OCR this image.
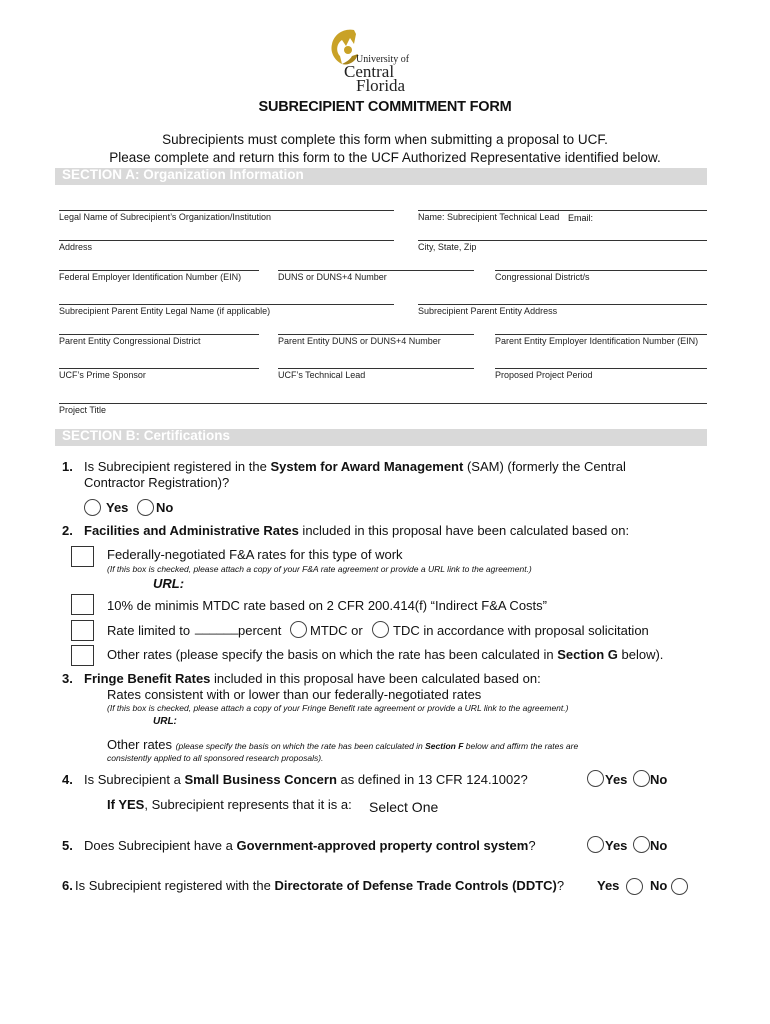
University of
Central
Florida
SUBRECIPIENT COMMITMENT FORM
Subrecipients must complete this form when submitting a proposal to UCF.
Please complete and return this form to the UCF Authorized Representative identified below.
SECTION A: Organization Information
Legal Name of Subrecipient’s Organization/Institution	Name: Subrecipient Technical Lead Email:
Address	City, State, Zip
Federal Employer Identification Number (EIN)	DUNS or DUNS+4 Number	Congressional District/s
Subrecipient Parent Entity Legal Name (if applicable)	Subrecipient Parent Entity Address
Parent Entity Congressional District	Parent Entity DUNS or DUNS+4 Number	Parent Entity Employer Identification Number (EIN)
UCF’s Prime Sponsor	UCF’s Technical Lead	Proposed Project Period
Project Title
SECTION B: Certifications
1. Is Subrecipient registered in the System for Award Management (SAM) (formerly the Central
Contractor Registration)?
Yes No
2. Facilities and Administrative Rates included in this proposal have been calculated based on:
Federally-negotiated F&A rates for this type of work
(If this box is checked, please attach a copy of your F&A rate agreement or provide a URL link to the agreement.)
URL:
10% de minimis MTDC rate based on 2 CFR 200.414(f) “Indirect F&A Costs”
Rate limited to ______ percent MTDC or TDC in accordance with proposal solicitation
Other rates (please specify the basis on which the rate has been calculated in Section G below).
3. Fringe Benefit Rates included in this proposal have been calculated based on:
Rates consistent with or lower than our federally-negotiated rates
(If this box is checked, please attach a copy of your Fringe Benefit rate agreement or provide a URL link to the agreement.)
URL:
Other rates (please specify the basis on which the rate has been calculated in Section F below and affirm the rates are
consistently applied to all sponsored research proposals).
4. Is Subrecipient a Small Business Concern as defined in 13 CFR 124.1002?	Yes No
If YES, Subrecipient represents that it is a: Select One
5. Does Subrecipient have a Government-approved property control system?	Yes No
6. Is Subrecipient registered with the Directorate of Defense Trade Controls (DDTC)?	Yes No
